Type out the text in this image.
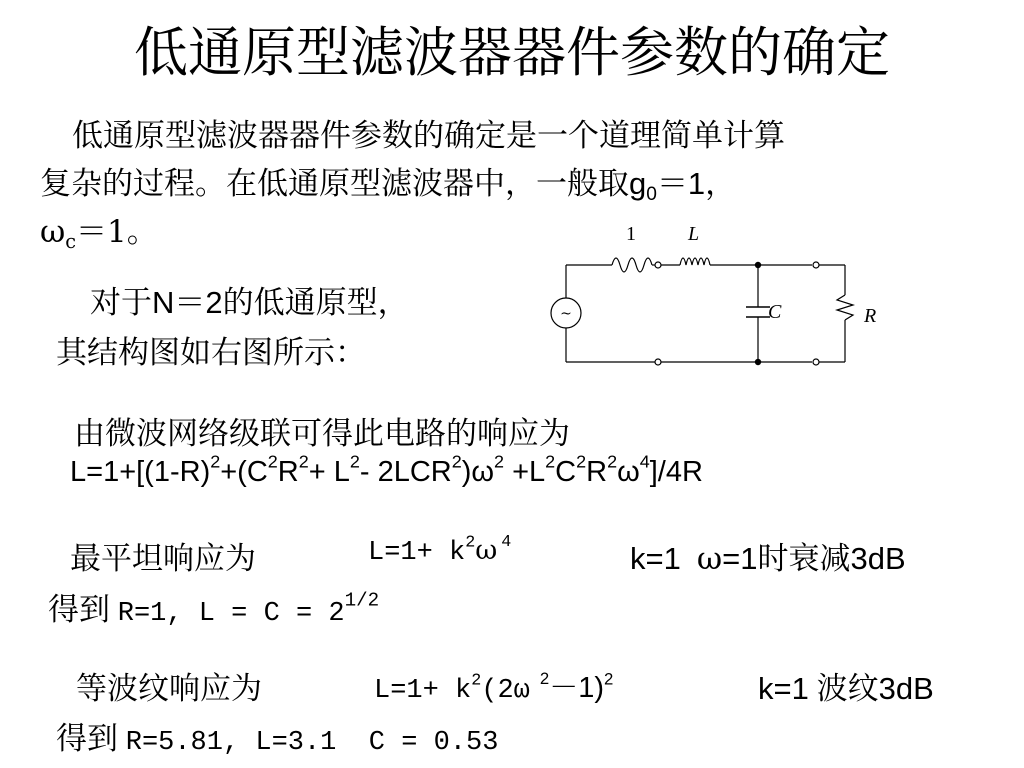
低通原型滤波器器件参数的确定
低通原型滤波器器件参数的确定是一个道理简单计算
复杂的过程。在低通原型滤波器中，一般取$g_0=1$，
$\omega_c=1$。
对于N＝2的低通原型，
其结构图如右图所示：
~
1	L
C	R
由微波网络级联可得此电路的响应为
$L=1+[(1-R)^2+(C^2R^2+ L^2-$ $2LCR^2)\omega^2 +L^2C^2R^2\omega^4]/4R$
最平坦响应为	$L=1+ k^2\omega$ $^4$	k=1 ω=1时衰减3dB
得到 R=1, $L = C = 2^{1/2}$
等波纹响应为	$L=1+ k^2(2\omega$ $^2$－1)$^2$	k=1 波纹3dB
得到 R=5.81, L=3.1  C = 0.53
